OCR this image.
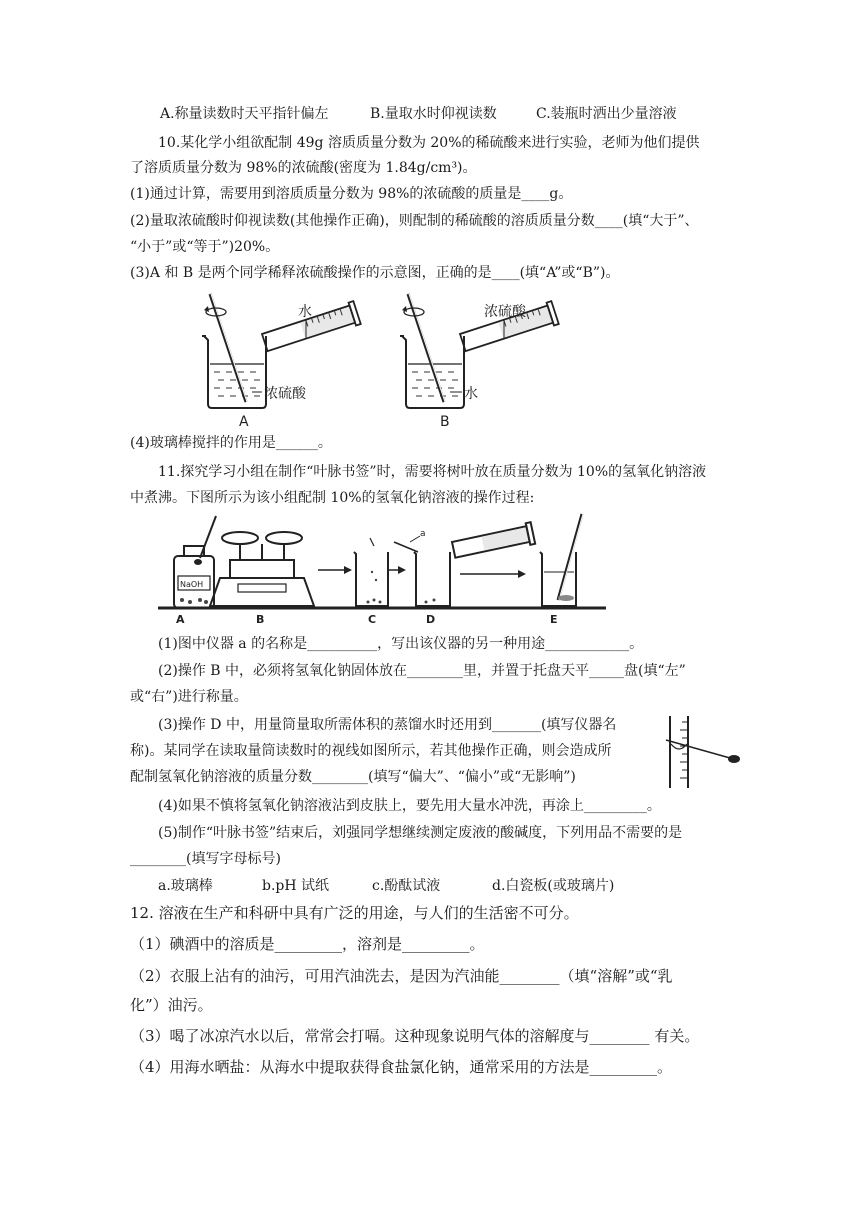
A.称量读数时天平指针偏左	B.量取水时仰视读数	C.装瓶时洒出少量溶液
10.某化学小组欲配制 49g 溶质质量分数为 20%的稀硫酸来进行实验，老师为他们提供
了溶质质量分数为 98%的浓硫酸(密度为 1.84g/cm³)。
(1)通过计算，需要用到溶质质量分数为 98%的浓硫酸的质量是____g。
(2)量取浓硫酸时仰视读数(其他操作正确)，则配制的稀硫酸的溶质质量分数____(填“大于”、
“小于”或“等于”)20%。
(3)A 和 B 是两个同学稀释浓硫酸操作的示意图，正确的是____(填“A”或“B”)。
水
浓硫酸
A
浓硫酸
水
B
(4)玻璃棒搅拌的作用是______。
11.探究学习小组在制作“叶脉书签”时，需要将树叶放在质量分数为 10%的氢氧化钠溶液
中煮沸。下图所示为该小组配制 10%的氢氧化钠溶液的操作过程:
NaOH
a
A	B	C	D	E
(1)图中仪器 a 的名称是__________，写出该仪器的另一种用途____________。
(2)操作 B 中，必须将氢氧化钠固体放在________里，并置于托盘天平_____盘(填“左”
或“右”)进行称量。
(3)操作 D 中，用量筒量取所需体积的蒸馏水时还用到_______(填写仪器名
称)。某同学在读取量筒读数时的视线如图所示，若其他操作正确，则会造成所
配制氢氧化钠溶液的质量分数________(填写“偏大”、“偏小”或“无影响”)
(4)如果不慎将氢氧化钠溶液沾到皮肤上，要先用大量水冲洗，再涂上_________。
(5)制作“叶脉书签”结束后，刘强同学想继续测定废液的酸碱度，下列用品不需要的是
________(填写字母标号)
a.玻璃棒	b.pH 试纸	c.酚酞试液	d.白瓷板(或玻璃片)
12. 溶液在生产和科研中具有广泛的用途，与人们的生活密不可分。
（1）碘酒中的溶质是_________，溶剂是_________。
（2）衣服上沾有的油污，可用汽油洗去，是因为汽油能________（填“溶解”或“乳
化”）油污。
（3）喝了冰凉汽水以后，常常会打嗝。这种现象说明气体的溶解度与________ 有关。
（4）用海水晒盐：从海水中提取获得食盐氯化钠，通常采用的方法是_________。
